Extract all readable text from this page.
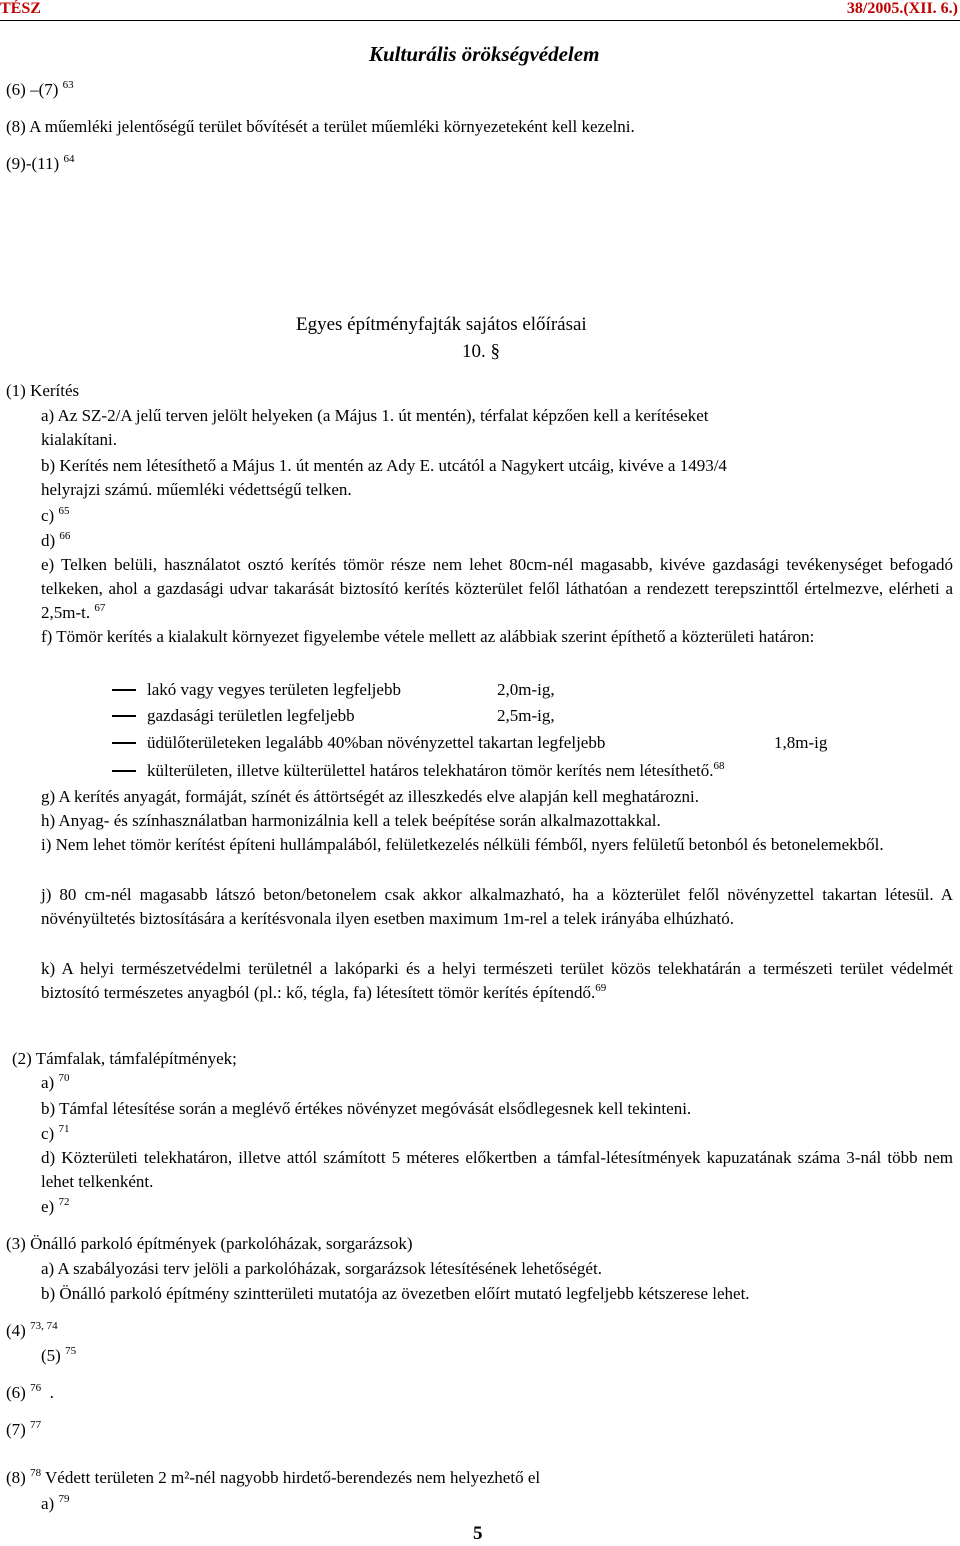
TÉSZ	38/2005.(XII. 6.)
Kulturális örökségvédelem
(6) –(7) $^{63}$
(8) A műemléki jelentőségű terület bővítését a terület műemléki környezeteként kell kezelni.
(9)-(11) $^{64}$
Egyes építményfajták sajátos előírásai
10. §
(1) Kerítés
a) Az SZ-2/A jelű terven jelölt helyeken (a Május 1. út mentén), térfalat képzően kell a kerítéseket
kialakítani.
b) Kerítés nem létesíthető a Május 1. út mentén az Ady E. utcától a Nagykert utcáig, kivéve a 1493/4
helyrajzi számú. műemléki védettségű telken.
c) $^{65}$
d) $^{66}$
e) Telken belüli, használatot osztó kerítés tömör része nem lehet 80cm-nél magasabb, kivéve gazdasági tevékenységet befogadó telkeken, ahol a gazdasági udvar takarását biztosító kerítés közterület felől láthatóan a rendezett terepszinttől értelmezve, elérheti a 2,5m-t. $^{67}$
f) Tömör kerítés a kialakult környezet figyelembe vétele mellett az alábbiak szerint építhető a közterületi határon:
lakó vagy vegyes területen legfeljebb	2,0m-ig,
gazdasági területlen legfeljebb	2,5m-ig,
üdülőterületeken legalább 40%ban növényzettel takartan legfeljebb	1,8m-ig
külterületen, illetve külterülettel határos telekhatáron tömör kerítés nem létesíthető.$^{68}$
g) A kerítés anyagát, formáját, színét és áttörtségét az illeszkedés elve alapján kell meghatározni.
h) Anyag- és színhasználatban harmonizálnia kell a telek beépítése során alkalmazottakkal.
i) Nem lehet tömör kerítést építeni hullámpalából, felületkezelés nélküli fémből, nyers felületű betonból és betonelemekből.
j) 80 cm-nél magasabb látszó beton/betonelem csak akkor alkalmazható, ha a közterület felől növényzettel takartan létesül. A növényültetés biztosítására a kerítésvonala ilyen esetben maximum 1m-rel a telek irányába elhúzható.
k) A helyi természetvédelmi területnél a lakóparki és a helyi természeti terület közös telekhatárán a természeti terület védelmét biztosító természetes anyagból (pl.: kő, tégla, fa) létesített tömör kerítés építendő.$^{69}$
(2) Támfalak, támfalépítmények;
a) $^{70}$
b) Támfal létesítése során a meglévő értékes növényzet megóvását elsődlegesnek kell tekinteni.
c) $^{71}$
d) Közterületi telekhatáron, illetve attól számított 5 méteres előkertben a támfal-létesítmények kapuzatának száma 3-nál több nem lehet telkenként.
e) $^{72}$
(3) Önálló parkoló építmények (parkolóházak, sorgarázsok)
a) A szabályozási terv jelöli a parkolóházak, sorgarázsok létesítésének lehetőségét.
b) Önálló parkoló építmény szintterületi mutatója az övezetben előírt mutató legfeljebb kétszerese lehet.
(4) $^{73, 74}$
(5) $^{75}$
(6) $^{76}$ .
(7) $^{77}$
(8) $^{78}$ Védett területen 2 m²-nél nagyobb hirdető-berendezés nem helyezhető el
a) $^{79}$
5
